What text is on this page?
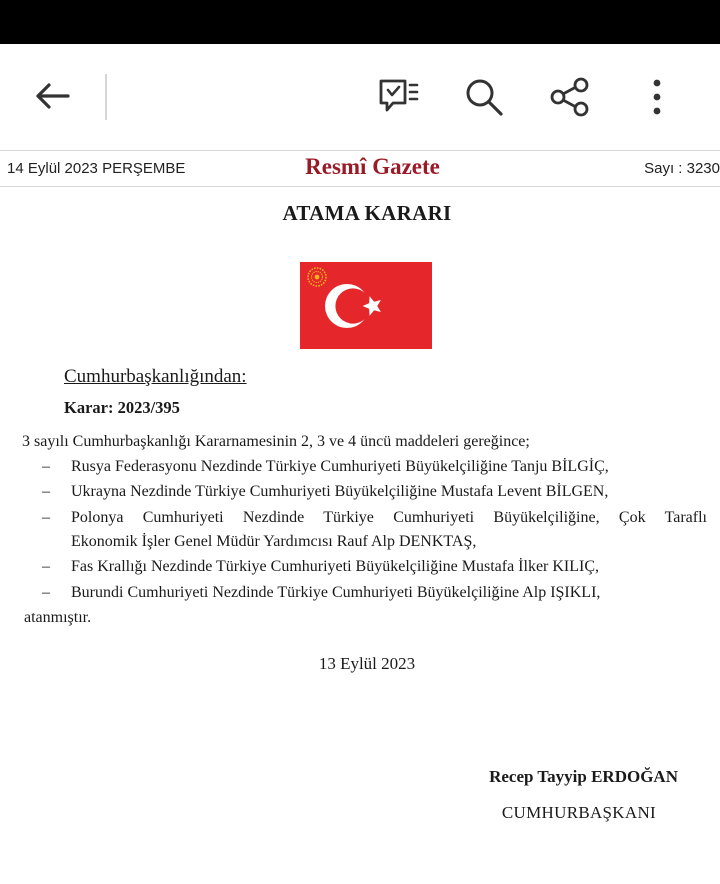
14 Eylül 2023 PERŞEMBE	Resmî Gazete	Sayı : 3230
ATAMA KARARI
Cumhurbaşkanlığından:
Karar: 2023/395
3 sayılı Cumhurbaşkanlığı Kararnamesinin 2, 3 ve 4 üncü maddeleri gereğince;
– Rusya Federasyonu Nezdinde Türkiye Cumhuriyeti Büyükelçiliğine Tanju BİLGİÇ,
– Ukrayna Nezdinde Türkiye Cumhuriyeti Büyükelçiliğine Mustafa Levent BİLGEN,
– Polonya Cumhuriyeti Nezdinde Türkiye Cumhuriyeti Büyükelçiliğine, Çok Taraflı
Ekonomik İşler Genel Müdür Yardımcısı Rauf Alp DENKTAŞ,
– Fas Krallığı Nezdinde Türkiye Cumhuriyeti Büyükelçiliğine Mustafa İlker KILIÇ,
– Burundi Cumhuriyeti Nezdinde Türkiye Cumhuriyeti Büyükelçiliğine Alp IŞIKLI,
atanmıştır.
13 Eylül 2023
Recep Tayyip ERDOĞAN
CUMHURBAŞKANI
